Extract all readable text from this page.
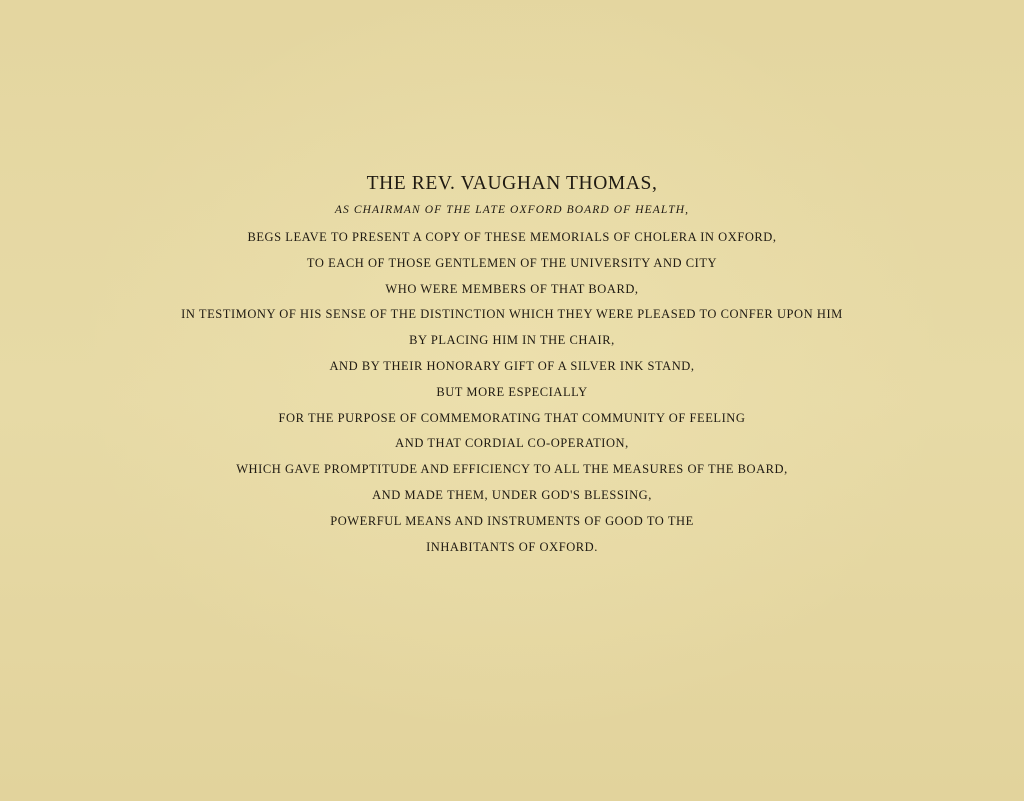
THE REV. VAUGHAN THOMAS,
AS CHAIRMAN OF THE LATE OXFORD BOARD OF HEALTH,
BEGS LEAVE TO PRESENT A COPY OF THESE MEMORIALS OF CHOLERA IN OXFORD,
TO EACH OF THOSE GENTLEMEN OF THE UNIVERSITY AND CITY
WHO WERE MEMBERS OF THAT BOARD,
IN TESTIMONY OF HIS SENSE OF THE DISTINCTION WHICH THEY WERE PLEASED TO CONFER UPON HIM
BY PLACING HIM IN THE CHAIR,
AND BY THEIR HONORARY GIFT OF A SILVER INK STAND,
BUT MORE ESPECIALLY
FOR THE PURPOSE OF COMMEMORATING THAT COMMUNITY OF FEELING
AND THAT CORDIAL CO-OPERATION,
WHICH GAVE PROMPTITUDE AND EFFICIENCY TO ALL THE MEASURES OF THE BOARD,
AND MADE THEM, UNDER GOD'S BLESSING,
POWERFUL MEANS AND INSTRUMENTS OF GOOD TO THE
INHABITANTS OF OXFORD.
